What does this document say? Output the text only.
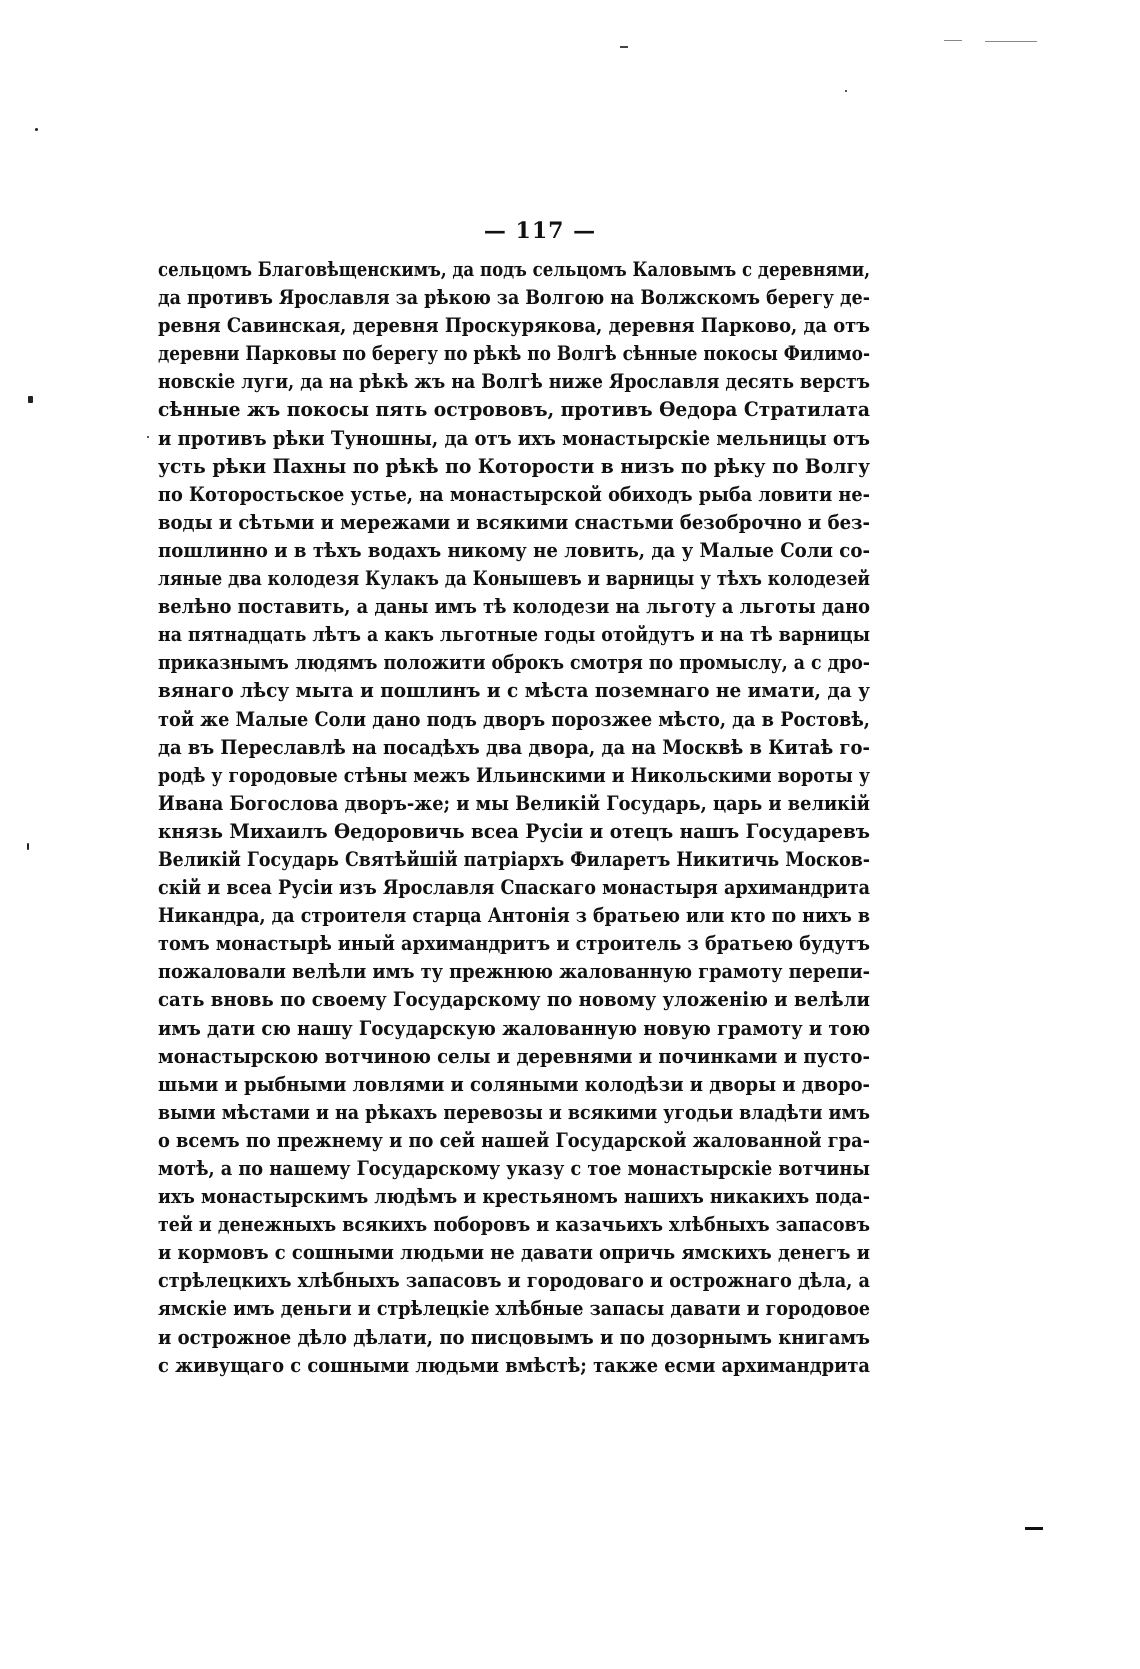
— 117 —
сельцомъ Благовѣщенскимъ, да подъ сельцомъ Каловымъ с деревнями,
да противъ Ярославля за рѣкою за Волгою на Волжскомъ берегу де-
ревня Савинская, деревня Проскурякова, деревня Парково, да отъ
деревни Парковы по берегу по рѣкѣ по Волгѣ сѣнные покосы Филимо-
новскіе луги, да на рѣкѣ жъ на Волгѣ ниже Ярославля десять верстъ
сѣнные жъ покосы пять острововъ, противъ Ѳедора Стратилата
и противъ рѣки Туношны, да отъ ихъ монастырскіе мельницы отъ
усть рѣки Пахны по рѣкѣ по Которости в низъ по рѣку по Волгу
по Которостьское устье, на монастырской обиходъ рыба ловити не-
воды и сѣтьми и мережами и всякими снастьми безоброчно и без-
пошлинно и в тѣхъ водахъ никому не ловить, да у Малые Соли со-
ляные два колодезя Кулакъ да Конышевъ и варницы у тѣхъ колодезей
велѣно поставить, а даны имъ тѣ колодези на льготу а льготы дано
на пятнадцать лѣтъ а какъ льготные годы отойдутъ и на тѣ варницы
приказнымъ людямъ положити оброкъ смотря по промыслу, а с дро-
вянаго лѣсу мыта и пошлинъ и с мѣста поземнаго не имати, да у
той же Малые Соли дано подъ дворъ порозжее мѣсто, да в Ростовѣ,
да въ Переславлѣ на посадѣхъ два двора, да на Москвѣ в Китаѣ го-
родѣ у городовые стѣны межъ Ильинскими и Никольскими вороты у
Ивана Богослова дворъ-же; и мы Великій Государь, царь и великій
князь Михаилъ Ѳедоровичь всеа Русіи и отецъ нашъ Государевъ
Великій Государь Святѣйшій патріархъ Филаретъ Никитичь Москов-
скій и всеа Русіи изъ Ярославля Спаскаго монастыря архимандрита
Никандра, да строителя старца Антонія з братьею или кто по нихъ в
томъ монастырѣ иный архимандритъ и строитель з братьею будутъ
пожаловали велѣли имъ ту прежнюю жалованную грамоту перепи-
сать вновь по своему Государскому по новому уложенію и велѣли
имъ дати сю нашу Государскую жалованную новую грамоту и тою
монастырскою вотчиною селы и деревнями и починками и пусто-
шьми и рыбными ловлями и соляными колодѣзи и дворы и дворо-
выми мѣстами и на рѣкахъ перевозы и всякими угодьи владѣти имъ
о всемъ по прежнему и по сей нашей Государской жалованной гра-
мотѣ, а по нашему Государскому указу с тое монастырскіе вотчины
ихъ монастырскимъ людѣмъ и крестьяномъ нашихъ никакихъ пода-
тей и денежныхъ всякихъ поборовъ и казачьихъ хлѣбныхъ запасовъ
и кормовъ с сошными людьми не давати опричь ямскихъ денегъ и
стрѣлецкихъ хлѣбныхъ запасовъ и городоваго и острожнаго дѣла, а
ямскіе имъ деньги и стрѣлецкіе хлѣбные запасы давати и городовое
и острожное дѣло дѣлати, по писцовымъ и по дозорнымъ книгамъ
с живущаго с сошными людьми вмѣстѣ; также есми архимандрита
